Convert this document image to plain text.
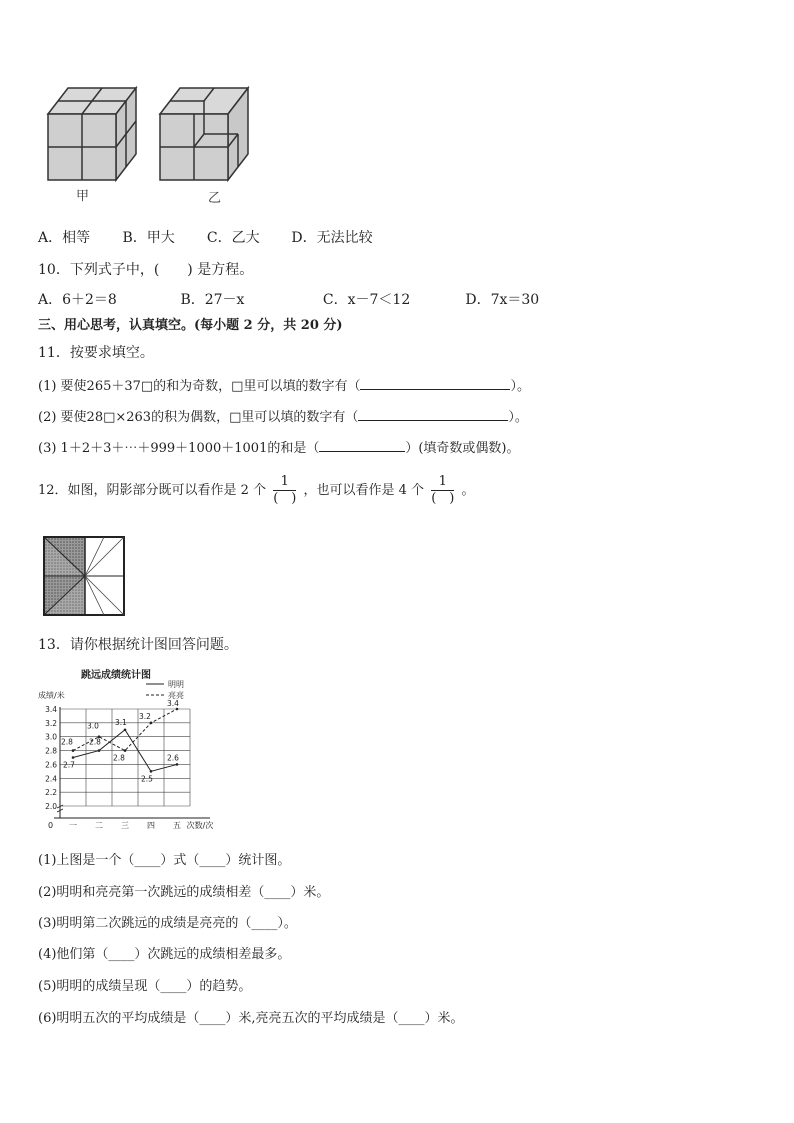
甲	乙
A．相等 B．甲大 C．乙大 D．无法比较
10．下列式子中，(　　) 是方程。
A．6＋2＝8	B．27－x	C．x－7＜12	D．7x＝30
三、用心思考，认真填空。(每小题 2 分，共 20 分)
11．按要求填空。
(1) 要使265＋37□的和为奇数，□里可以填的数字有（	）。
(2) 要使28□×263的积为偶数，□里可以填的数字有（	）。
(3) 1＋2＋3＋⋯＋999＋1000＋1001的和是（	）(填奇数或偶数)。
12．如图，阴影部分既可以看作是 2 个 $\frac{1}{( )}$ ，也可以看作是 4 个 $\frac{1}{( )}$ 。
13．请你根据统计图回答问题。
跳远成绩统计图
成绩/米
明明
亮亮
2.0
2.2
2.4
2.6
2.8
3.0
3.2
3.4
0 一 二 三 四 五 次数/次
2.7
2.8
3.1
2.5
2.6
2.8
3.0
2.8
3.2
3.4
(1)上图是一个（____）式（____）统计图。
(2)明明和亮亮第一次跳远的成绩相差（____）米。
(3)明明第二次跳远的成绩是亮亮的（____）。
(4)他们第（____）次跳远的成绩相差最多。
(5)明明的成绩呈现（____）的趋势。
(6)明明五次的平均成绩是（____）米,亮亮五次的平均成绩是（____）米。
